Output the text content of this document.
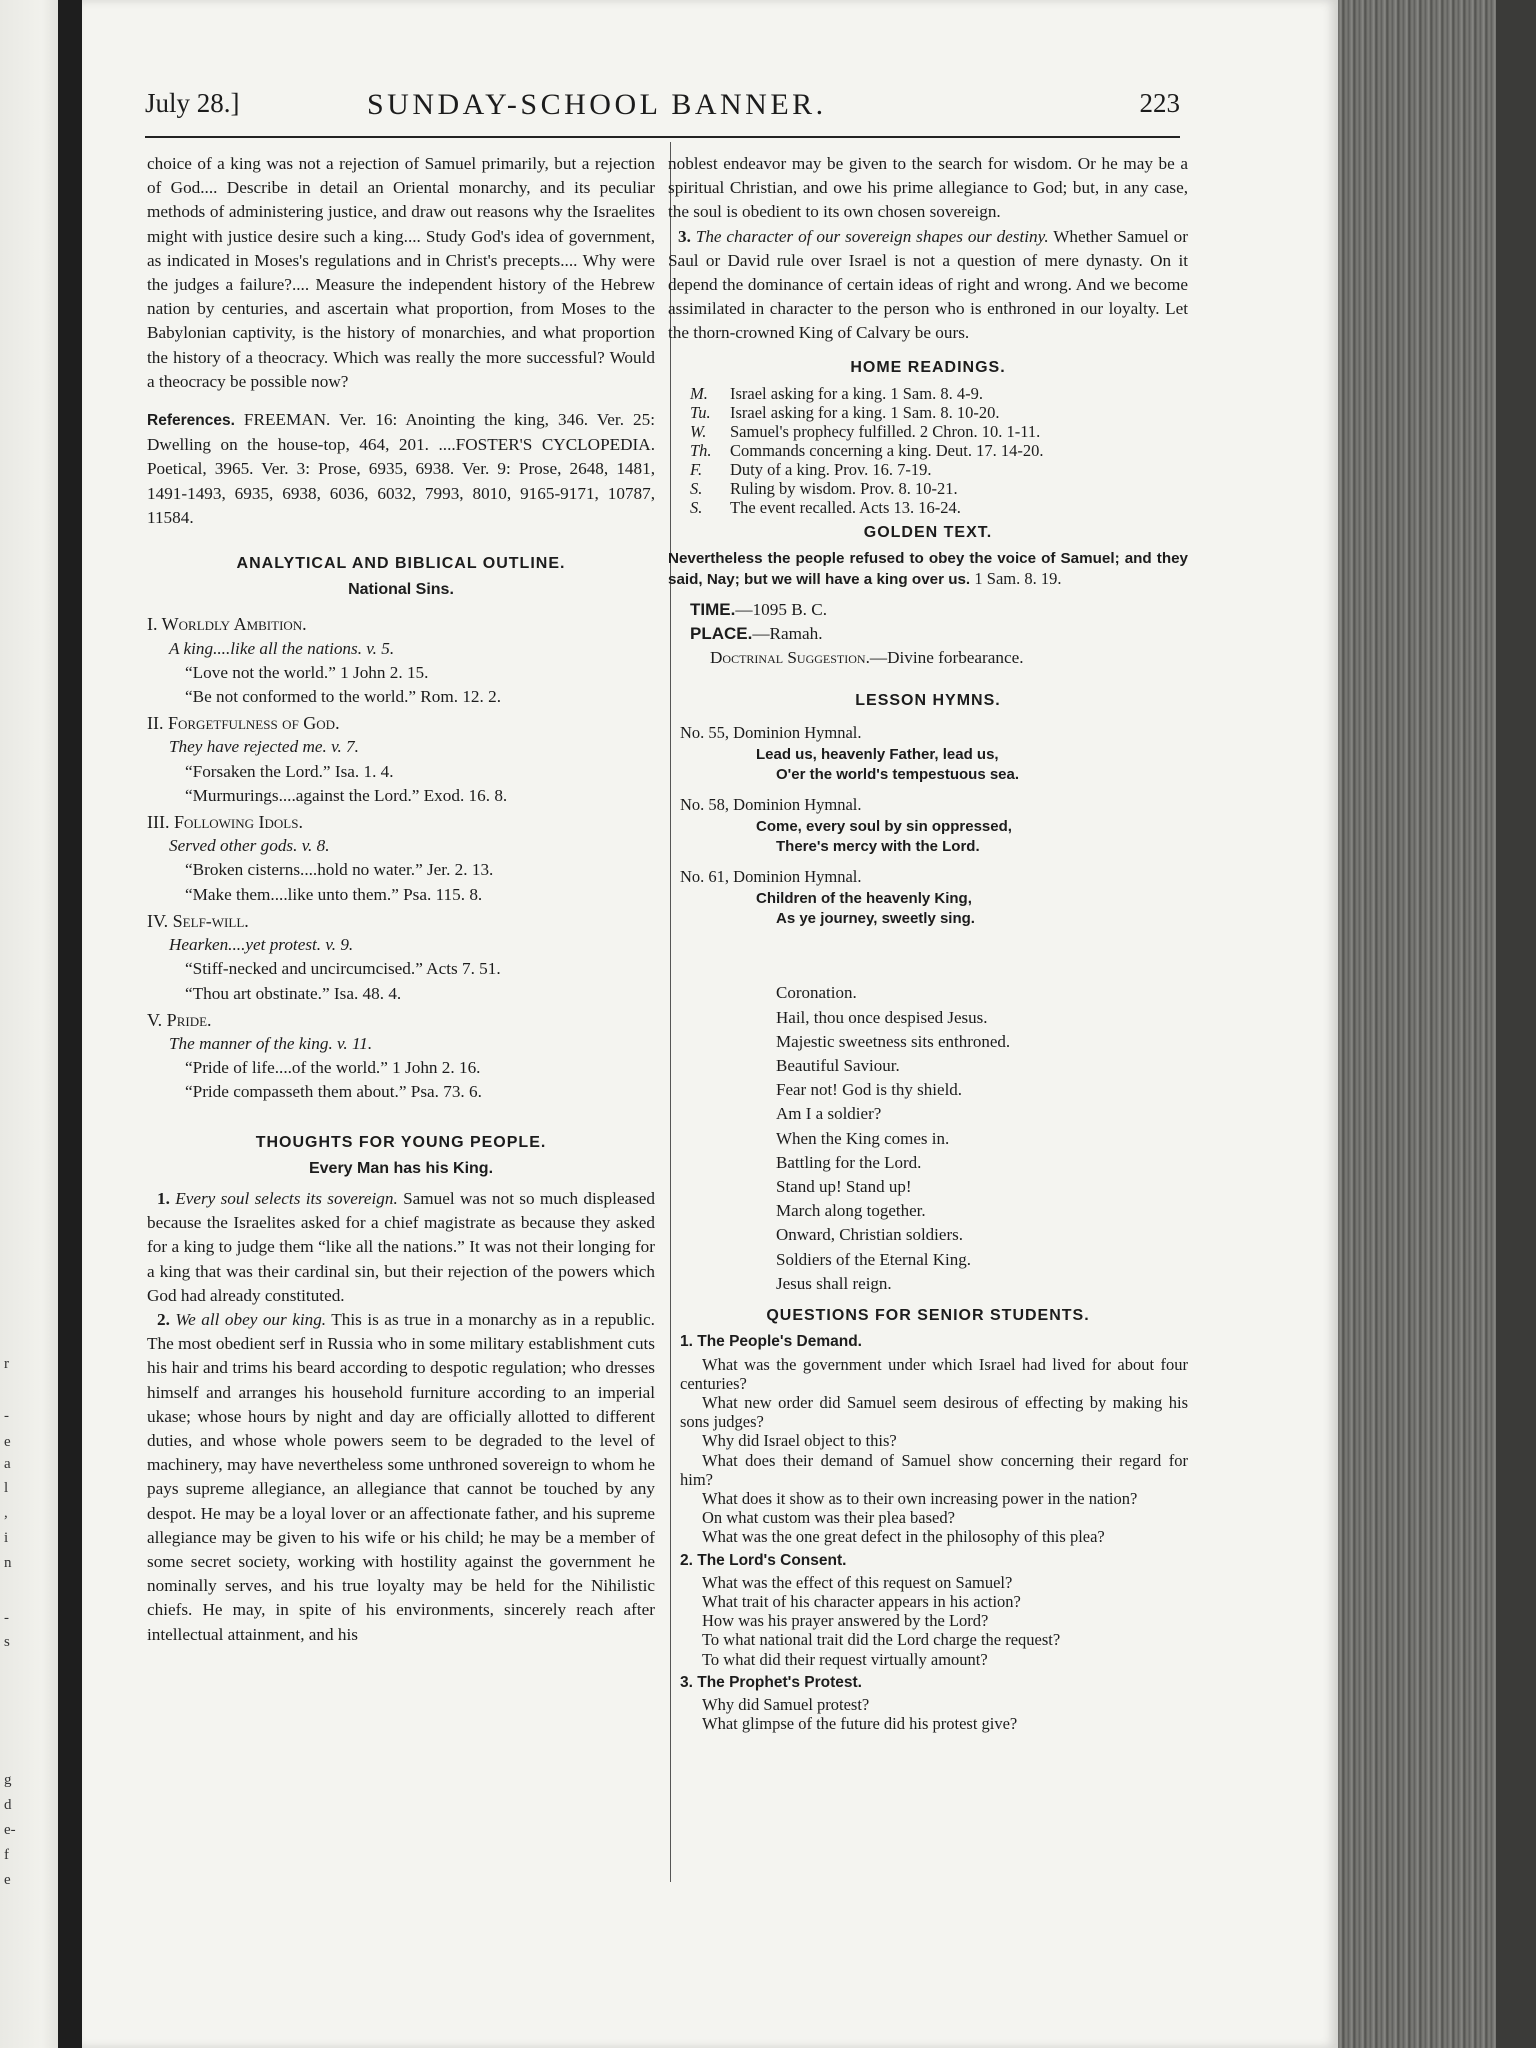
r
-
e
a
l
,
i
n
-
s
g
d
e-
f
e
July 28.]	SUNDAY-SCHOOL BANNER.	223

choice of a king was not a rejection of Samuel primarily, but a rejection of God.... Describe in detail an Oriental monarchy, and its peculiar methods of administering justice, and draw out reasons why the Israelites might with justice desire such a king.... Study God's idea of government, as indicated in Moses's regulations and in Christ's precepts.... Why were the judges a failure?.... Measure the independent history of the Hebrew nation by centuries, and ascertain what proportion, from Moses to the Babylonian captivity, is the history of monarchies, and what proportion the history of a theocracy. Which was really the more successful? Would a theocracy be possible now?

References. FREEMAN. Ver. 16: Anointing the king, 346. Ver. 25: Dwelling on the house-top, 464, 201. ....FOSTER'S CYCLOPEDIA. Poetical, 3965. Ver. 3: Prose, 6935, 6938. Ver. 9: Prose, 2648, 1481, 1491-1493, 6935, 6938, 6036, 6032, 7993, 8010, 9165-9171, 10787, 11584.

ANALYTICAL AND BIBLICAL OUTLINE.
National Sins.
I. Worldly Ambition.
A king....like all the nations. v. 5.
“Love not the world.” 1 John 2. 15.
“Be not conformed to the world.” Rom. 12. 2.
II. Forgetfulness of God.
They have rejected me. v. 7.
“Forsaken the Lord.” Isa. 1. 4.
“Murmurings....against the Lord.” Exod. 16. 8.
III. Following Idols.
Served other gods. v. 8.
“Broken cisterns....hold no water.” Jer. 2. 13.
“Make them....like unto them.” Psa. 115. 8.
IV. Self-will.
Hearken....yet protest. v. 9.
“Stiff-necked and uncircumcised.” Acts 7. 51.
“Thou art obstinate.” Isa. 48. 4.
V. Pride.
The manner of the king. v. 11.
“Pride of life....of the world.” 1 John 2. 16.
“Pride compasseth them about.” Psa. 73. 6.
THOUGHTS FOR YOUNG PEOPLE.
Every Man has his King.

1. Every soul selects its sovereign. Samuel was not so much displeased because the Israelites asked for a chief magistrate as because they asked for a king to judge them “like all the nations.” It was not their longing for a king that was their cardinal sin, but their rejection of the powers which God had already constituted.

2. We all obey our king. This is as true in a monarchy as in a republic. The most obedient serf in Russia who in some military establishment cuts his hair and trims his beard according to despotic regulation; who dresses himself and arranges his household furniture according to an imperial ukase; whose hours by night and day are officially allotted to different duties, and whose whole powers seem to be degraded to the level of machinery, may have nevertheless some unthroned sovereign to whom he pays supreme allegiance, an allegiance that cannot be touched by any despot. He may be a loyal lover or an affectionate father, and his supreme allegiance may be given to his wife or his child; he may be a member of some secret society, working with hostility against the government he nominally serves, and his true loyalty may be held for the Nihilistic chiefs. He may, in spite of his environments, sincerely reach after intellectual attainment, and his

noblest endeavor may be given to the search for wisdom. Or he may be a spiritual Christian, and owe his prime allegiance to God; but, in any case, the soul is obedient to its own chosen sovereign.

3. The character of our sovereign shapes our destiny. Whether Samuel or Saul or David rule over Israel is not a question of mere dynasty. On it depend the dominance of certain ideas of right and wrong. And we become assimilated in character to the person who is enthroned in our loyalty. Let the thorn-crowned King of Calvary be ours.

HOME READINGS.
M. Israel asking for a king. 1 Sam. 8. 4-9.
Tu. Israel asking for a king. 1 Sam. 8. 10-20.
W. Samuel's prophecy fulfilled. 2 Chron. 10. 1-11.
Th. Commands concerning a king. Deut. 17. 14-20.
F. Duty of a king. Prov. 16. 7-19.
S. Ruling by wisdom. Prov. 8. 10-21.
S. The event recalled. Acts 13. 16-24.
GOLDEN TEXT.

Nevertheless the people refused to obey the voice of Samuel; and they said, Nay; but we will have a king over us. 1 Sam. 8. 19.

TIME.—1095 B. C.
PLACE.—Ramah.
Doctrinal Suggestion.—Divine forbearance.
LESSON HYMNS.
No. 55, Dominion Hymnal.
Lead us, heavenly Father, lead us,
O'er the world's tempestuous sea.
No. 58, Dominion Hymnal.
Come, every soul by sin oppressed,
There's mercy with the Lord.
No. 61, Dominion Hymnal.
Children of the heavenly King,
As ye journey, sweetly sing.
Coronation.
Hail, thou once despised Jesus.
Majestic sweetness sits enthroned.
Beautiful Saviour.
Fear not! God is thy shield.
Am I a soldier?
When the King comes in.
Battling for the Lord.
Stand up! Stand up!
March along together.
Onward, Christian soldiers.
Soldiers of the Eternal King.
Jesus shall reign.
QUESTIONS FOR SENIOR STUDENTS.
1. The People's Demand.
What was the government under which Israel had lived for about four centuries?
What new order did Samuel seem desirous of effecting by making his sons judges?
Why did Israel object to this?
What does their demand of Samuel show concerning their regard for him?
What does it show as to their own increasing power in the nation?
On what custom was their plea based?
What was the one great defect in the philosophy of this plea?
2. The Lord's Consent.
What was the effect of this request on Samuel?
What trait of his character appears in his action?
How was his prayer answered by the Lord?
To what national trait did the Lord charge the request?
To what did their request virtually amount?
3. The Prophet's Protest.
Why did Samuel protest?
What glimpse of the future did his protest give?
